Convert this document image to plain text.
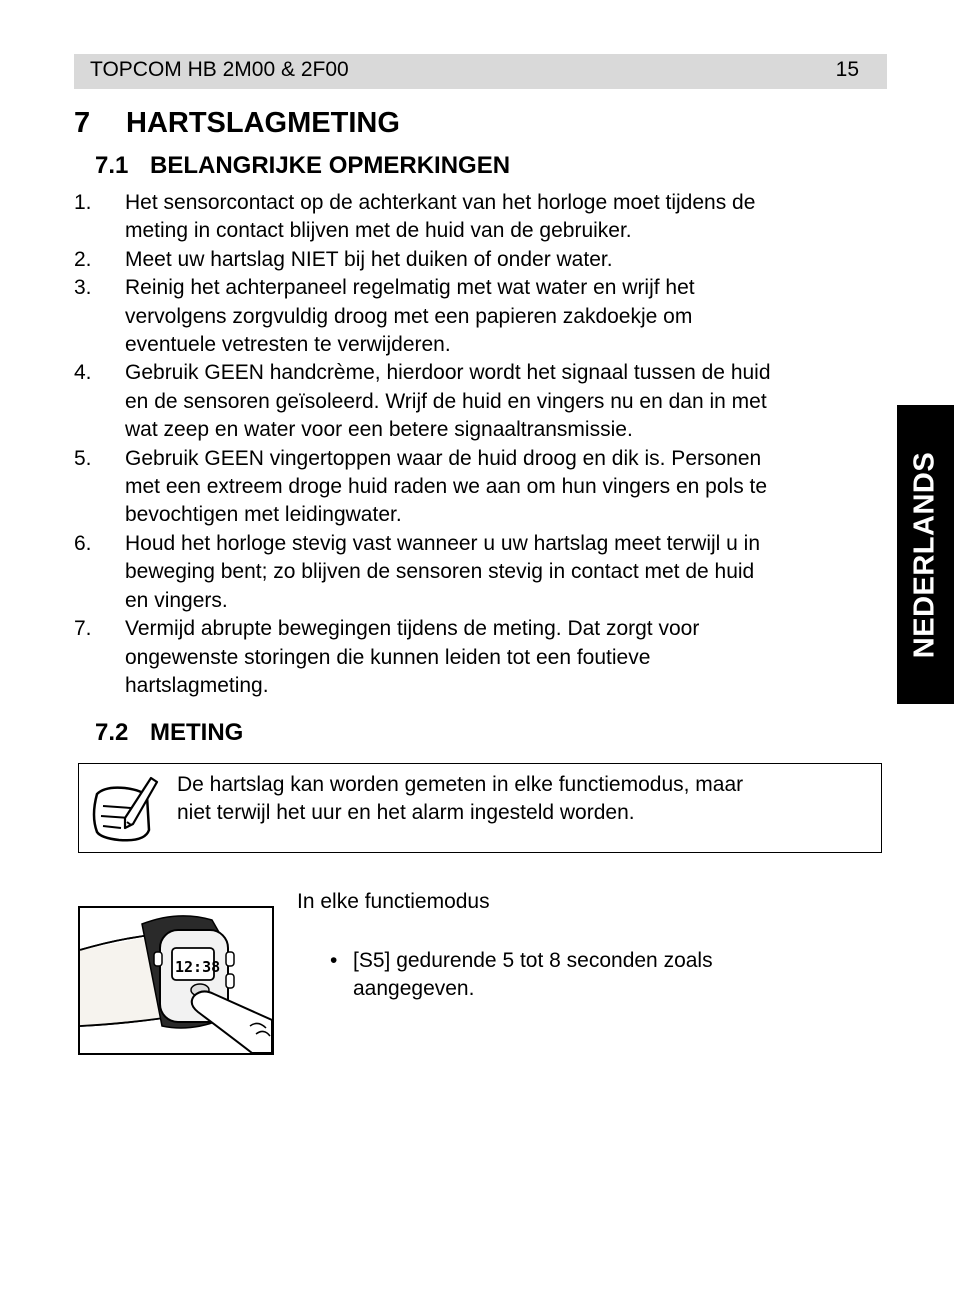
TOPCOM HB 2M00 & 2F00	15
7 HARTSLAGMETING
7.1 BELANGRIJKE OPMERKINGEN
1. Het sensorcontact op de achterkant van het horloge moet tijdens de
meting in contact blijven met de huid van de gebruiker.
2. Meet uw hartslag NIET bij het duiken of onder water.
3. Reinig het achterpaneel regelmatig met wat water en wrijf het
vervolgens zorgvuldig droog met een papieren zakdoekje om
eventuele vetresten te verwijderen.
4. Gebruik GEEN handcrème, hierdoor wordt het signaal tussen de huid
en de sensoren geïsoleerd. Wrijf de huid en vingers nu en dan in met
wat zeep en water voor een betere signaaltransmissie.
5. Gebruik GEEN vingertoppen waar de huid droog en dik is. Personen
met een extreem droge huid raden we aan om hun vingers en pols te
bevochtigen met leidingwater.
6. Houd het horloge stevig vast wanneer u uw hartslag meet terwijl u in
beweging bent; zo blijven de sensoren stevig in contact met de huid
en vingers.
7. Vermijd abrupte bewegingen tijdens de meting. Dat zorgt voor
ongewenste storingen die kunnen leiden tot een foutieve
hartslagmeting.
NEDERLANDS
7.2 METING
De hartslag kan worden gemeten in elke functiemodus, maar
niet terwijl het uur en het alarm ingesteld worden.
12:38
In elke functiemodus
• [S5] gedurende 5 tot 8 seconden zoals
aangegeven.
